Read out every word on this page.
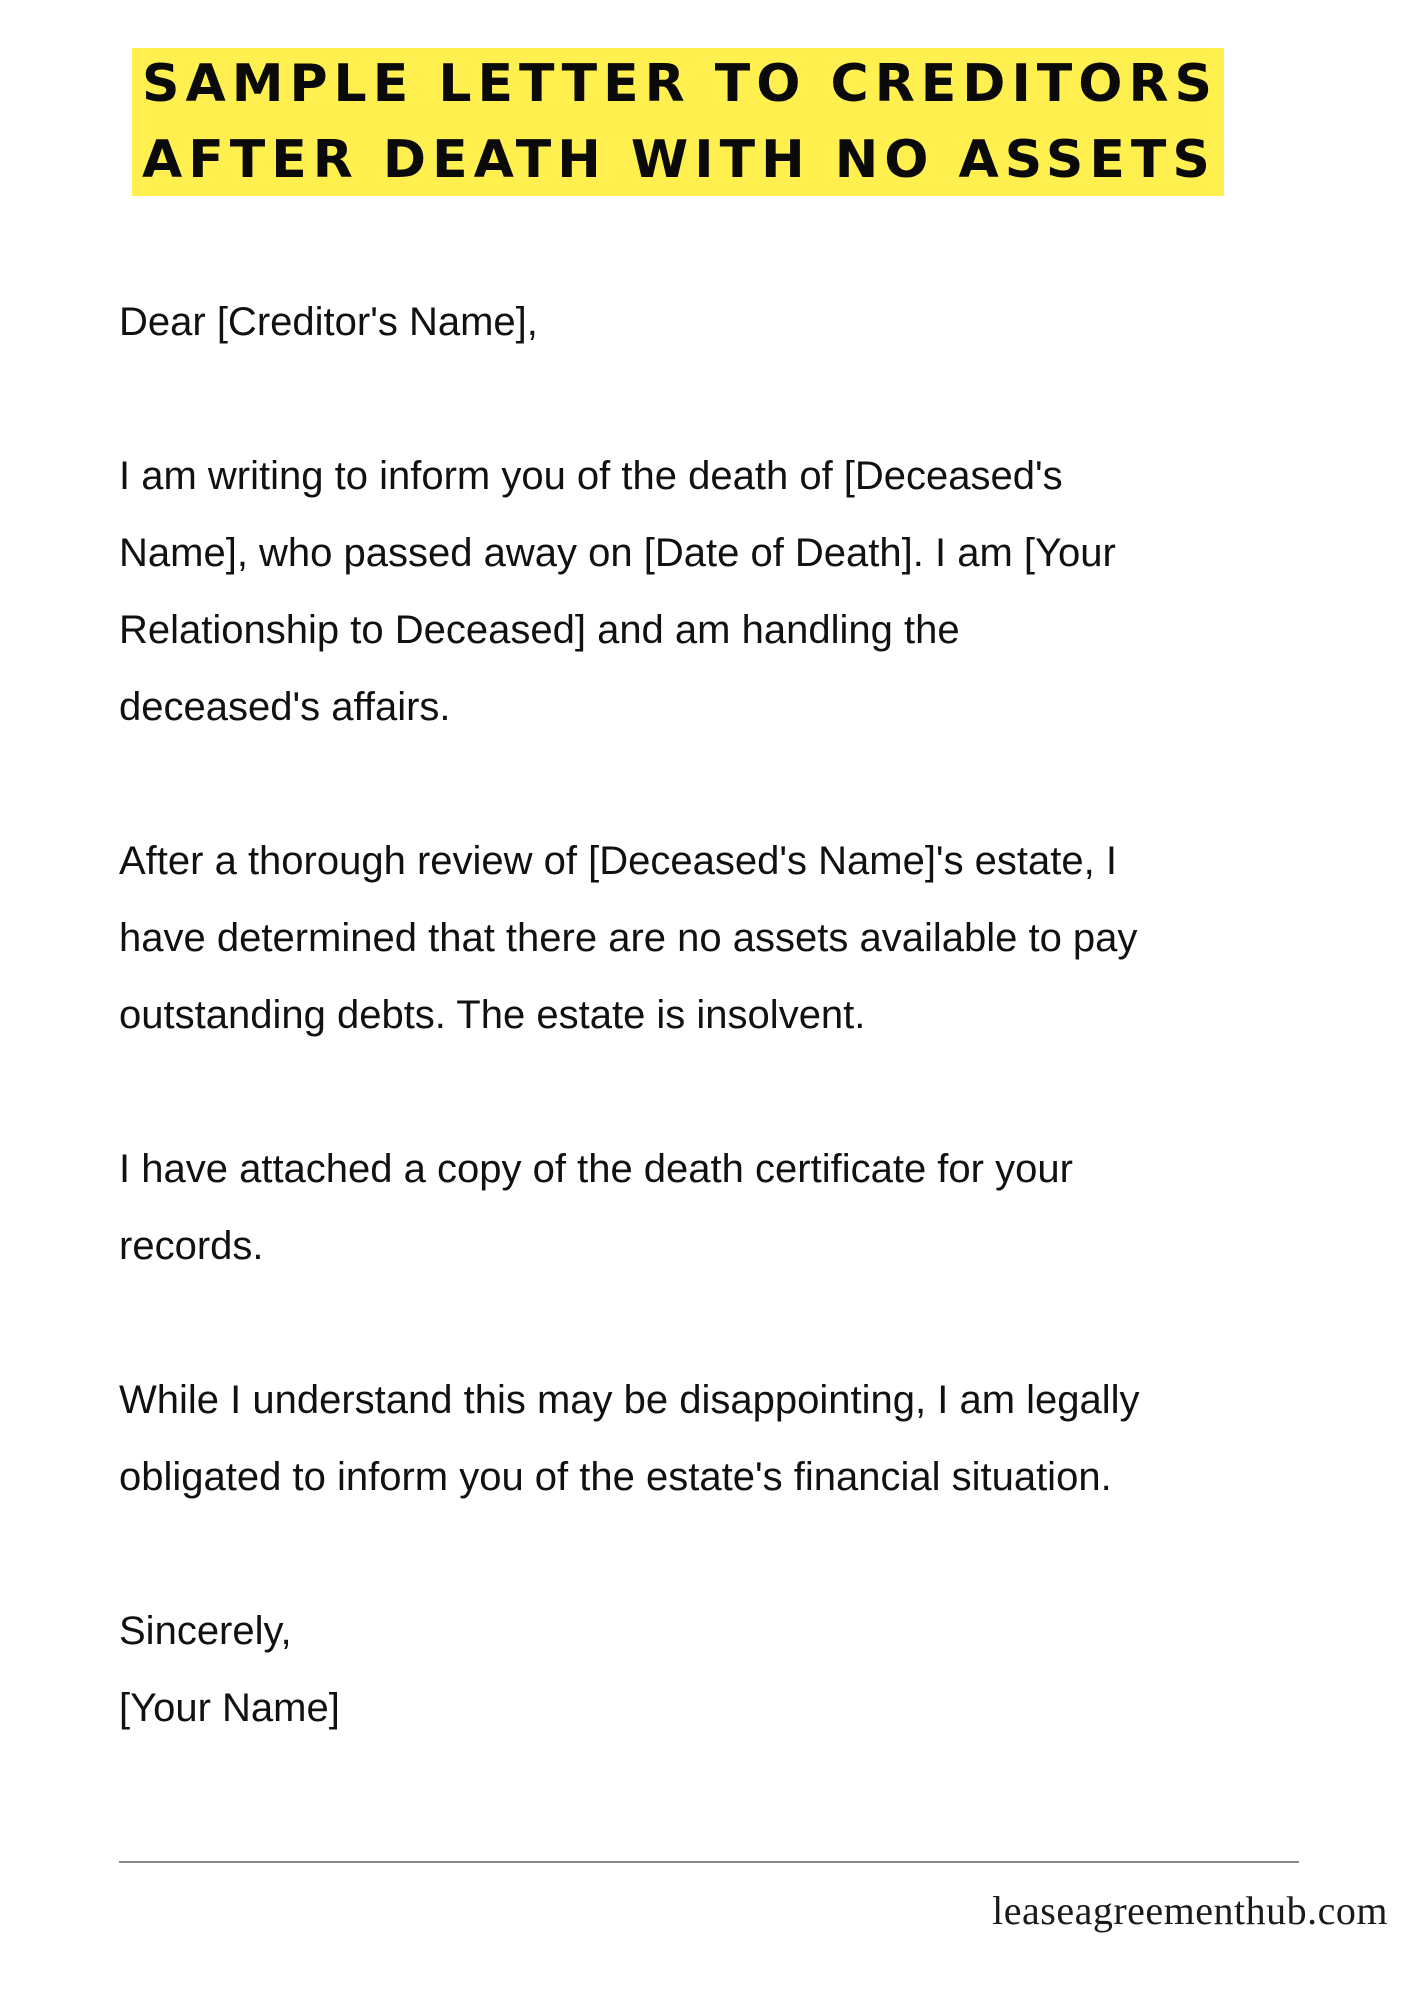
SAMPLE LETTER TO CREDITORS
AFTER DEATH WITH NO ASSETS

Dear [Creditor's Name],

I am writing to inform you of the death of [Deceased's
Name], who passed away on [Date of Death]. I am [Your
Relationship to Deceased] and am handling the
deceased's affairs.

After a thorough review of [Deceased's Name]'s estate, I
have determined that there are no assets available to pay
outstanding debts. The estate is insolvent.

I have attached a copy of the death certificate for your
records.

While I understand this may be disappointing, I am legally
obligated to inform you of the estate's financial situation.

Sincerely,
[Your Name]

leaseagreementhub.com
